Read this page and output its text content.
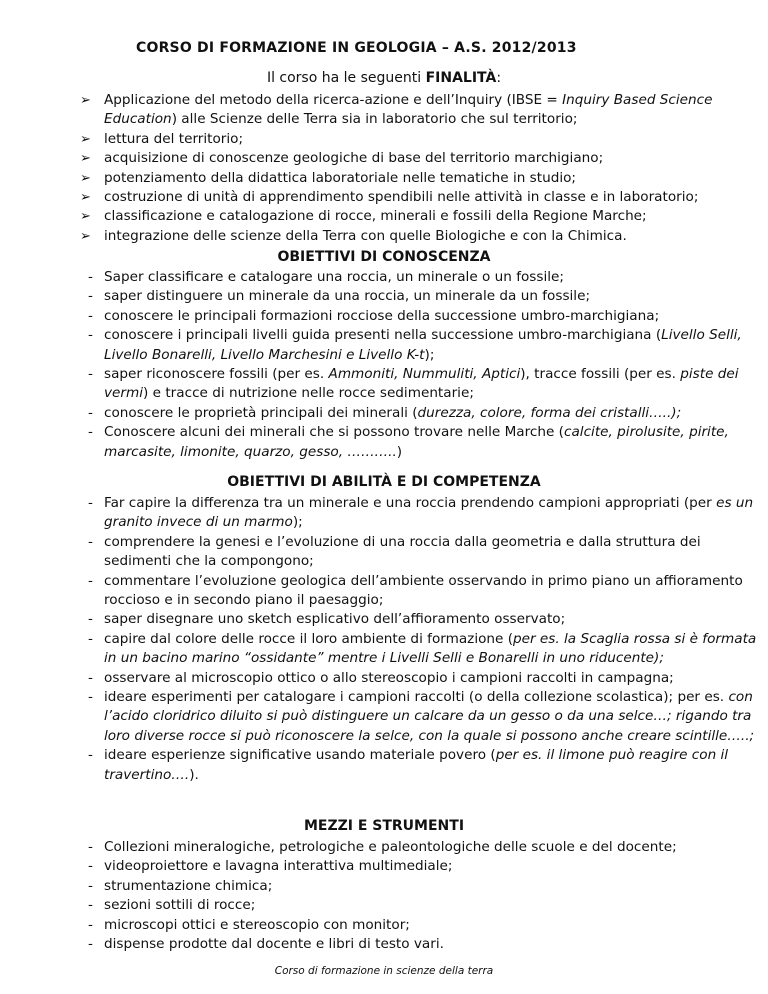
CORSO DI FORMAZIONE IN GEOLOGIA – A.S. 2012/2013
Il corso ha le seguenti FINALITÀ:
➢ Applicazione del metodo della ricerca-azione e dell’Inquiry (IBSE = Inquiry Based Science Education) alle Scienze delle Terra sia in laboratorio che sul territorio;
➢ lettura del territorio;
➢ acquisizione di conoscenze geologiche di base del territorio marchigiano;
➢ potenziamento della didattica laboratoriale nelle tematiche in studio;
➢ costruzione di unità di apprendimento spendibili nelle attività in classe e in laboratorio;
➢ classificazione e catalogazione di rocce, minerali e fossili della Regione Marche;
➢ integrazione delle scienze della Terra con quelle Biologiche e con la Chimica.
OBIETTIVI DI CONOSCENZA
- Saper classificare e catalogare una roccia, un minerale o un fossile;
- saper distinguere un minerale da una roccia, un minerale da un fossile;
- conoscere le principali formazioni rocciose della successione umbro-marchigiana;
- conoscere i principali livelli guida presenti nella successione umbro-marchigiana (Livello Selli, Livello Bonarelli, Livello Marchesini e Livello K-t);
- saper riconoscere fossili (per es. Ammoniti, Nummuliti, Aptici), tracce fossili (per es. piste dei vermi) e tracce di nutrizione nelle rocce sedimentarie;
- conoscere le proprietà principali dei minerali (durezza, colore, forma dei cristalli…..);
- Conoscere alcuni dei minerali che si possono trovare nelle Marche (calcite, pirolusite, pirite, marcasite, limonite, quarzo, gesso, ………..)
OBIETTIVI DI ABILITÀ E DI COMPETENZA
- Far capire la differenza tra un minerale e una roccia prendendo campioni appropriati (per es un granito invece di un marmo);
- comprendere la genesi e l’evoluzione di una roccia dalla geometria e dalla struttura dei sedimenti che la compongono;
- commentare l’evoluzione geologica dell’ambiente osservando in primo piano un affioramento roccioso e in secondo piano il paesaggio;
- saper disegnare uno sketch esplicativo dell’affioramento osservato;
- capire dal colore delle rocce il loro ambiente di formazione (per es. la Scaglia rossa si è formata in un bacino marino “ossidante” mentre i Livelli Selli e Bonarelli in uno riducente);
- osservare al microscopio ottico o allo stereoscopio i campioni raccolti in campagna;
- ideare esperimenti per catalogare i campioni raccolti (o della collezione scolastica); per es. con l’acido cloridrico diluito si può distinguere un calcare da un gesso o da una selce…; rigando tra loro diverse rocce si può riconoscere la selce, con la quale si possono anche creare scintille…..;
- ideare esperienze significative usando materiale povero (per es. il limone può reagire con il travertino….).
MEZZI E STRUMENTI
- Collezioni mineralogiche, petrologiche e paleontologiche delle scuole e del docente;
- videoproiettore e lavagna interattiva multimediale;
- strumentazione chimica;
- sezioni sottili di rocce;
- microscopi ottici e stereoscopio con monitor;
- dispense prodotte dal docente e libri di testo vari.
Corso di formazione in scienze della terra
